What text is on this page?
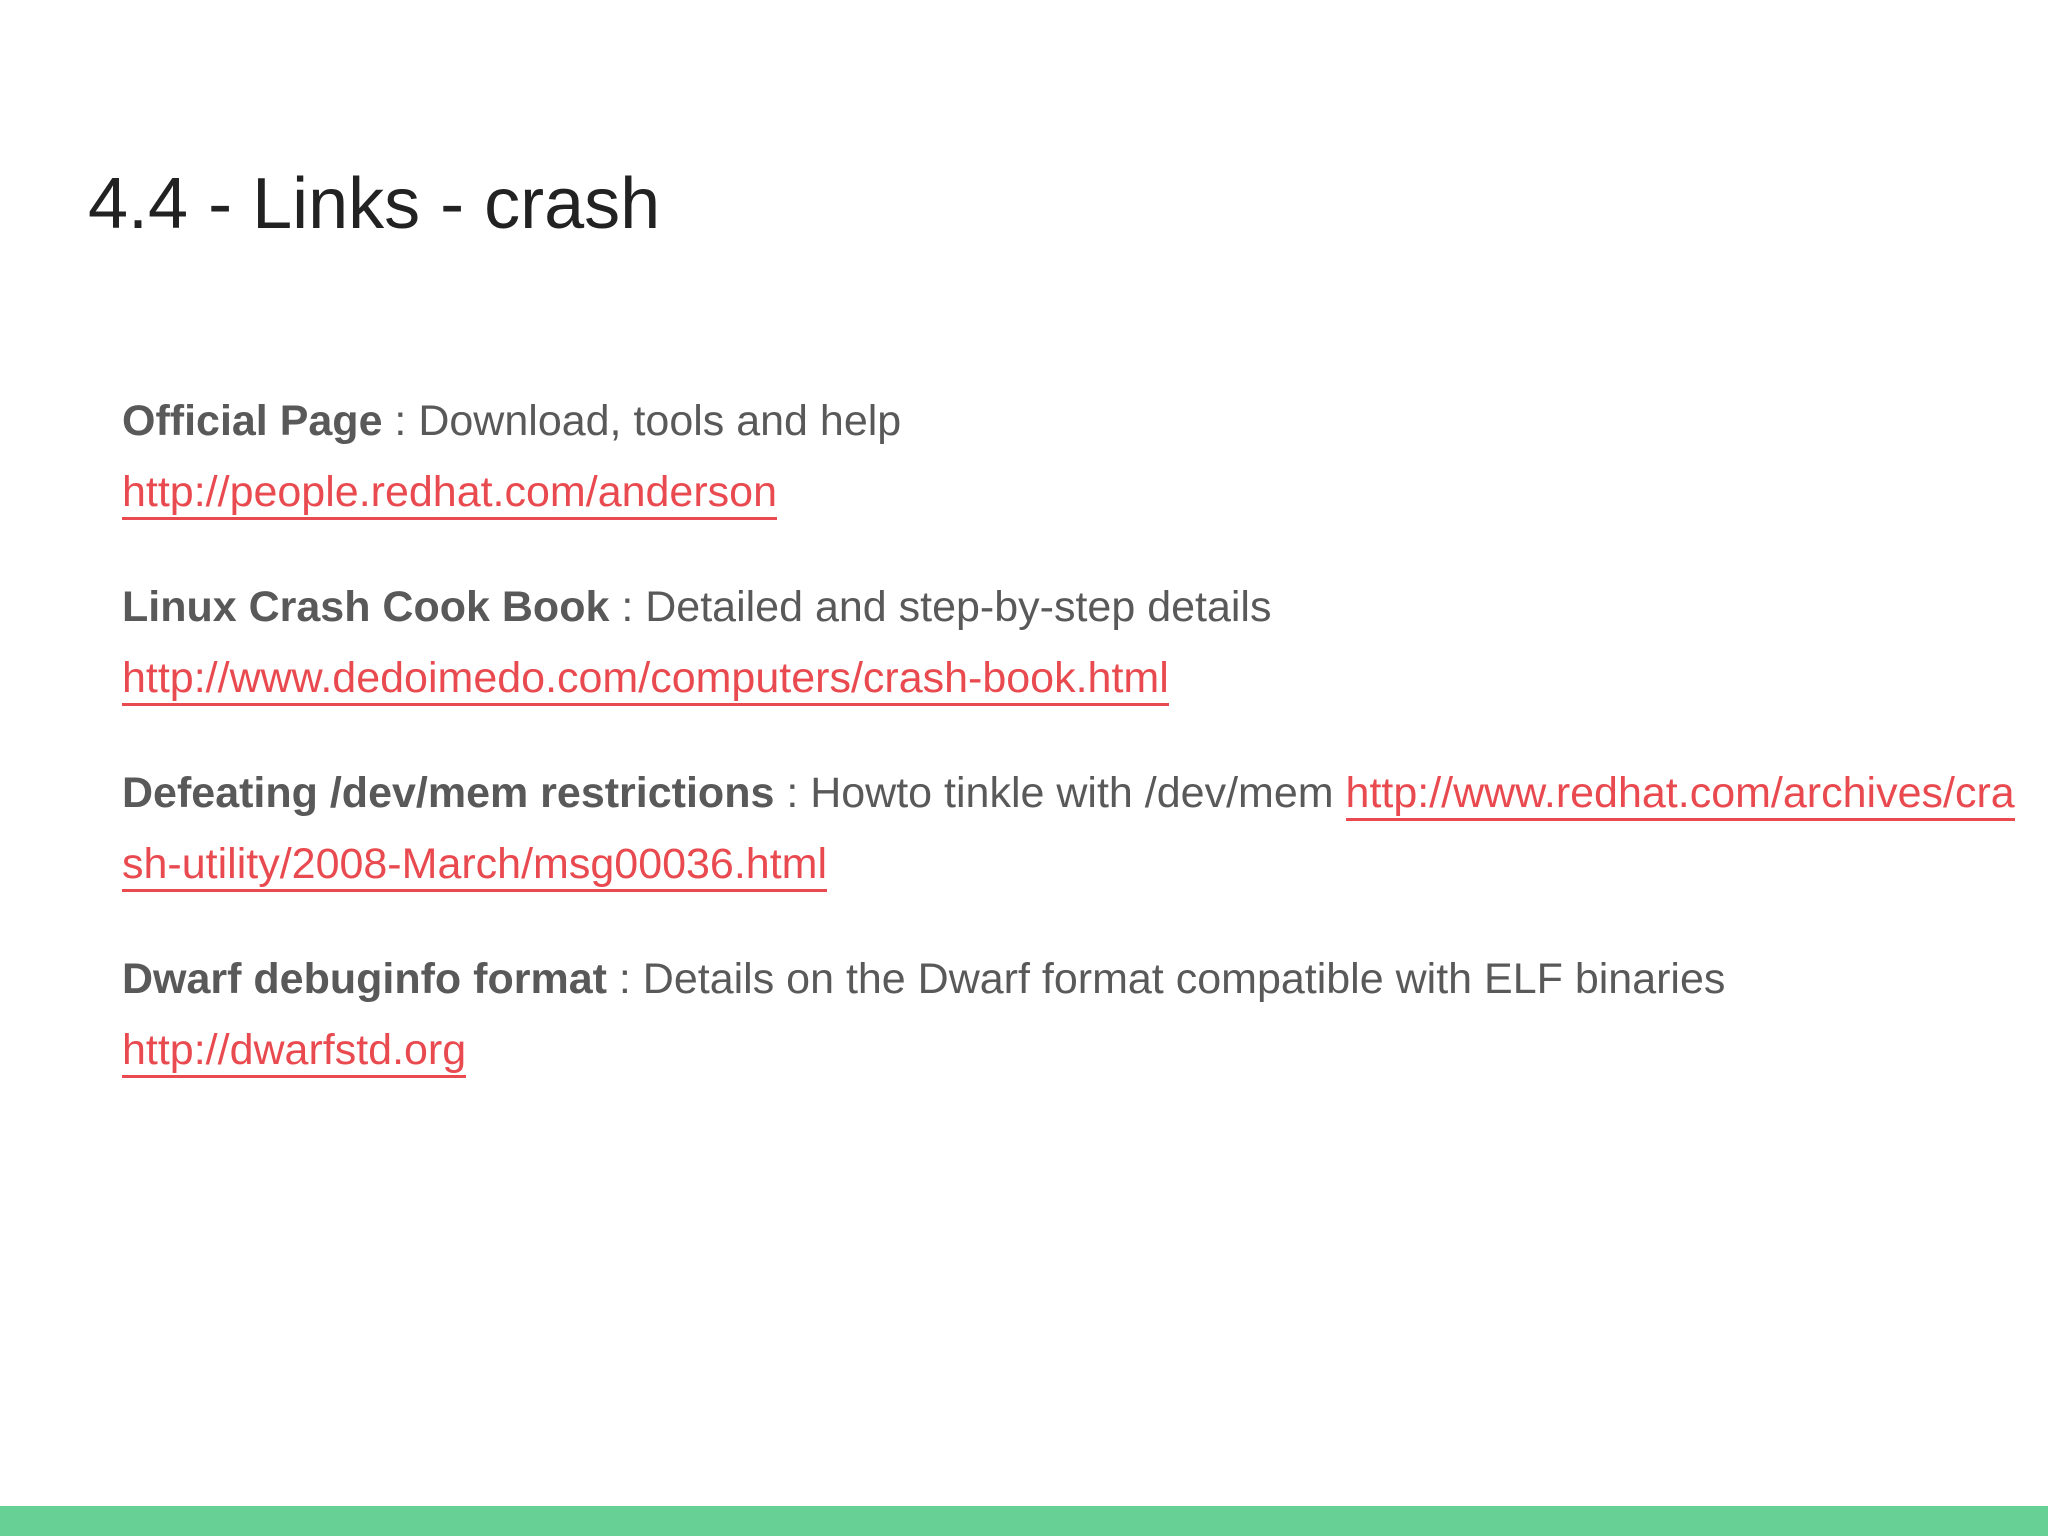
4.4 - Links - crash

Official Page : Download, tools and help
http://people.redhat.com/anderson

Linux Crash Cook Book : Detailed and step-by-step details
http://www.dedoimedo.com/computers/crash-book.html

Defeating /dev/mem restrictions : Howto tinkle with /dev/mem http://www.redhat.com/archives/crash-utility/2008-March/msg00036.html

Dwarf debuginfo format : Details on the Dwarf format compatible with ELF binaries
http://dwarfstd.org
